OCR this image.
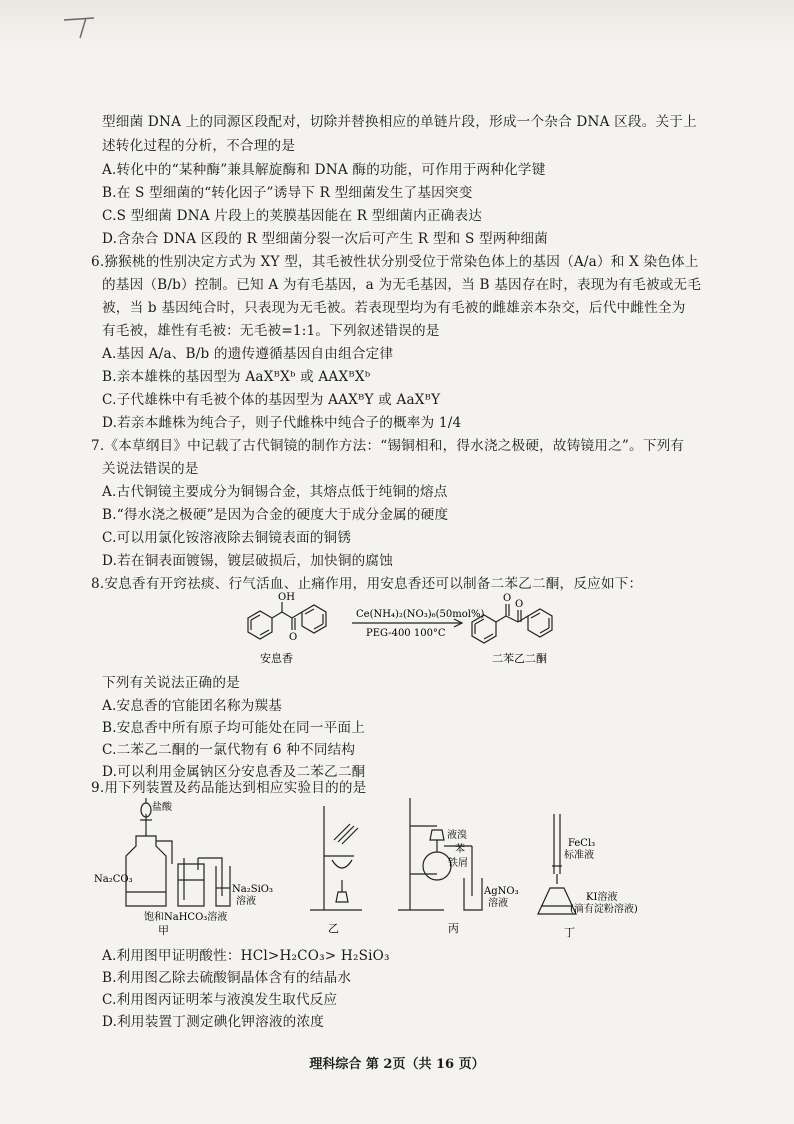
型细菌 DNA 上的同源区段配对，切除并替换相应的单链片段，形成一个杂合 DNA 区段。关于上
述转化过程的分析，不合理的是
A.转化中的“某种酶”兼具解旋酶和 DNA 酶的功能，可作用于两种化学键
B.在 S 型细菌的“转化因子”诱导下 R 型细菌发生了基因突变
C.S 型细菌 DNA 片段上的荚膜基因能在 R 型细菌内正确表达
D.含杂合 DNA 区段的 R 型细菌分裂一次后可产生 R 型和 S 型两种细菌
6.猕猴桃的性别决定方式为 XY 型，其毛被性状分别受位于常染色体上的基因（A/a）和 X 染色体上
的基因（B/b）控制。已知 A 为有毛基因，a 为无毛基因，当 B 基因存在时，表现为有毛被或无毛
被，当 b 基因纯合时，只表现为无毛被。若表现型均为有毛被的雌雄亲本杂交，后代中雌性全为
有毛被，雄性有毛被：无毛被=1:1。下列叙述错误的是
A.基因 A/a、B/b 的遗传遵循基因自由组合定律
B.亲本雄株的基因型为 AaXᴮXᵇ 或 AAXᴮXᵇ
C.子代雄株中有毛被个体的基因型为 AAXᴮY 或 AaXᴮY
D.若亲本雌株为纯合子，则子代雌株中纯合子的概率为 1/4
7.《本草纲目》中记载了古代铜镜的制作方法：“锡铜相和，得水浇之极硬，故铸镜用之”。下列有
关说法错误的是
A.古代铜镜主要成分为铜锡合金，其熔点低于纯铜的熔点
B.“得水浇之极硬”是因为合金的硬度大于成分金属的硬度
C.可以用氯化铵溶液除去铜镜表面的铜锈
D.若在铜表面镀锡，镀层破损后，加快铜的腐蚀
8.安息香有开窍祛痰、行气活血、止痛作用，用安息香还可以制备二苯乙二酮，反应如下：
OH
O
O
O
Ce(NH₄)₂(NO₃)₆(50mol%)
PEG-400 100°C
安息香	二苯乙二酮
下列有关说法正确的是
A.安息香的官能团名称为羰基
B.安息香中所有原子均可能处在同一平面上
C.二苯乙二酮的一氯代物有 6 种不同结构
D.可以利用金属钠区分安息香及二苯乙二酮
9.用下列装置及药品能达到相应实验目的的是
盐酸
Na₂CO₃
Na₂SiO₃
溶液
饱和NaHCO₃溶液
甲	乙
液溴
苯
铁屑
AgNO₃
溶液
丙
FeCl₃
标准液
KI溶液
(滴有淀粉溶液)
丁
A.利用图甲证明酸性：HCl>H₂CO₃> H₂SiO₃
B.利用图乙除去硫酸铜晶体含有的结晶水
C.利用图丙证明苯与液溴发生取代反应
D.利用装置丁测定碘化钾溶液的浓度
理科综合 第 2页（共 16 页）
